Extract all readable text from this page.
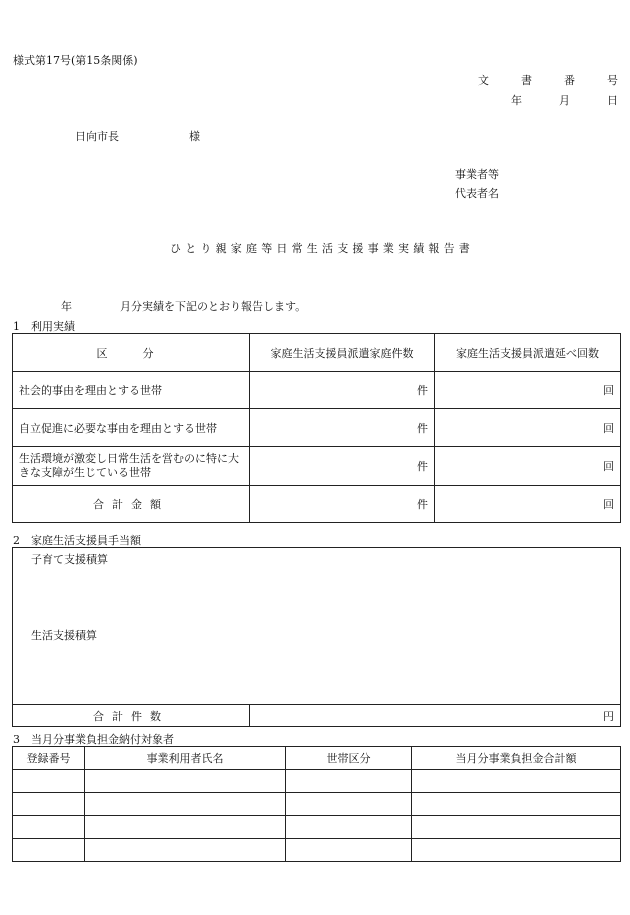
様式第17号(第15条関係)
文	書	番	号
年	月	日
日向市長	様
事業者等
代表者名
ひとり親家庭等日常生活支援事業実績報告書
年	月分実績を下記のとおり報告します。
1　利用実績
区　分	家庭生活支援員派遣家庭件数	家庭生活支援員派遣延べ回数
社会的事由を理由とする世帯	件	回
自立促進に必要な事由を理由とする世帯	件	回
生活環境が激変し日常生活を営むのに特に大きな支障が生じている世帯	件	回
合計金額	件	回
2　家庭生活支援員手当額
子育て支援積算
生活支援積算

合計件数	円
3　当月分事業負担金納付対象者
登録番号	事業利用者氏名	世帯区分	当月分事業負担金合計額
